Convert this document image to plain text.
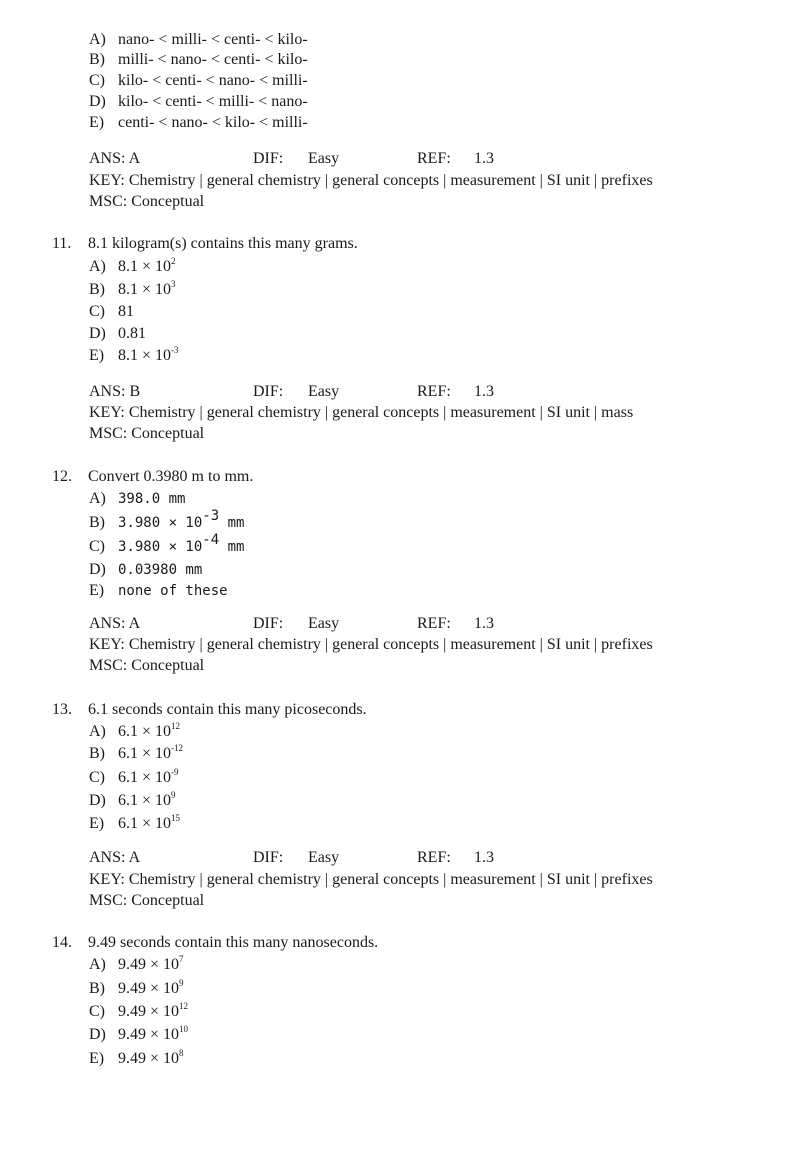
A) nano- < milli- < centi- < kilo-
B) milli- < nano- < centi- < kilo-
C) kilo- < centi- < nano- < milli-
D) kilo- < centi- < milli- < nano-
E) centi- < nano- < kilo- < milli-
ANS: A	DIF: Easy	REF: 1.3
KEY: Chemistry | general chemistry | general concepts | measurement | SI unit | prefixes
MSC: Conceptual
11. 8.1 kilogram(s) contains this many grams.
A) $8.1 \times 10^2$
B) $8.1 \times 10^3$
C) 81
D) 0.81
E) $8.1 \times 10^{-3}$
ANS: B	DIF: Easy	REF: 1.3
KEY: Chemistry | general chemistry | general concepts | measurement | SI unit | mass
MSC: Conceptual
12. Convert 0.3980 m to mm.
A) 398.0 mm
B) $3.980 \times 10^{-3}$ mm
C) $3.980 \times 10^{-4}$ mm
D) 0.03980 mm
E) none of these
ANS: A	DIF: Easy	REF: 1.3
KEY: Chemistry | general chemistry | general concepts | measurement | SI unit | prefixes
MSC: Conceptual
13. 6.1 seconds contain this many picoseconds.
A) $6.1 \times 10^{12}$
B) $6.1 \times 10^{-12}$
C) $6.1 \times 10^{-9}$
D) $6.1 \times 10^9$
E) $6.1 \times 10^{15}$
ANS: A	DIF: Easy	REF: 1.3
KEY: Chemistry | general chemistry | general concepts | measurement | SI unit | prefixes
MSC: Conceptual
14. 9.49 seconds contain this many nanoseconds.
A) $9.49 \times 10^7$
B) $9.49 \times 10^9$
C) $9.49 \times 10^{12}$
D) $9.49 \times 10^{10}$
E) $9.49 \times 10^8$
